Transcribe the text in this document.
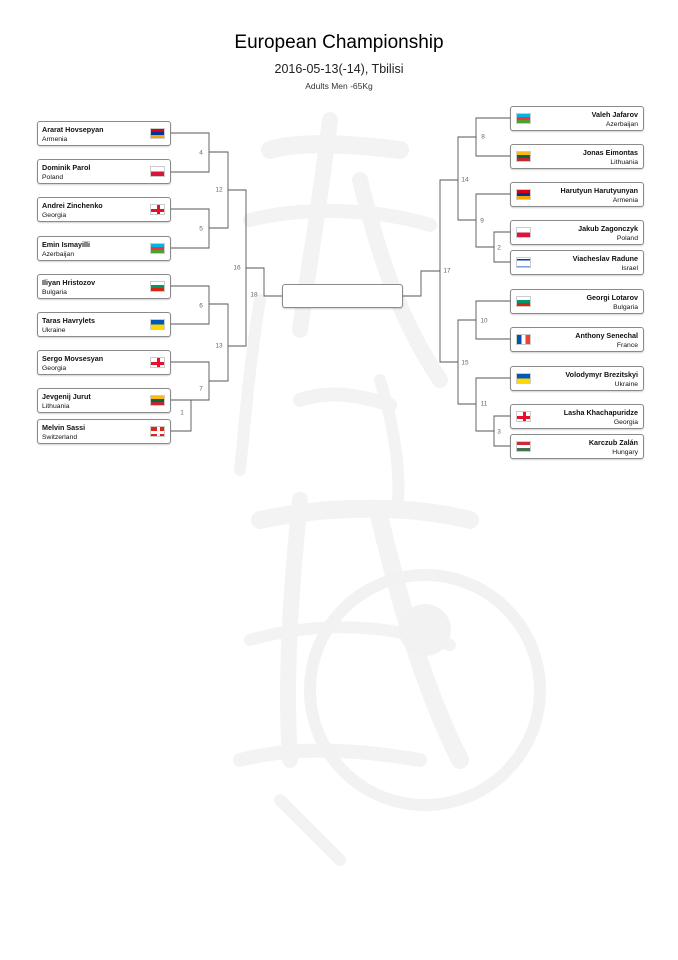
European Championship
2016-05-13(-14), Tbilisi
Adults Men -65Kg
Ararat Hovsepyan
Armenia
Dominik Parol
Poland
Andrei Zinchenko
Georgia
Emin Ismayilli
Azerbaijan
Iliyan Hristozov
Bulgaria
Taras Havrylets
Ukraine
Sergo Movsesyan
Georgia
Jevgenij Jurut
Lithuania
Melvin Sassi
Switzerland
Valeh Jafarov
Azerbaijan
Jonas Eimontas
Lithuania
Harutyun Harutyunyan
Armenia
Jakub Zagonczyk
Poland
Viacheslav Radune
Israel
Georgi Lotarov
Bulgaria
Anthony Senechal
France
Volodymyr Brezitskyi
Ukraine
Lasha Khachapuridze
Georgia
Karczub Zalán
Hungary
1
2
3
4
5
6
7
8
9
10
11
12
13
14
15
16	17
18
